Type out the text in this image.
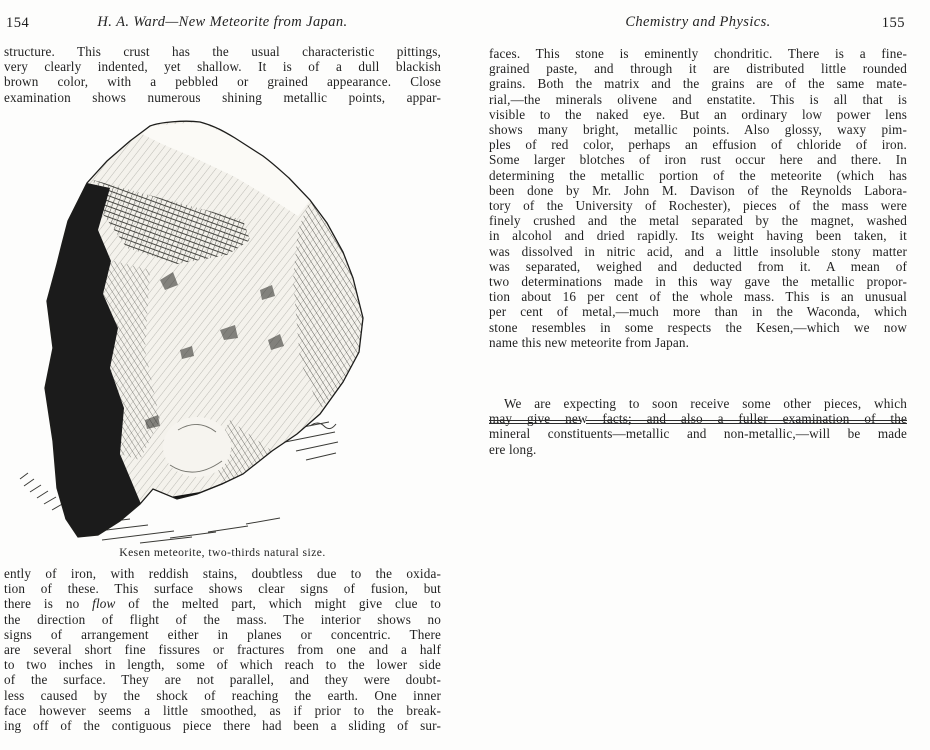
154	H. A. Ward—New Meteorite from Japan.
structure. This crust has the usual characteristic pittings,
very clearly indented, yet shallow. It is of a dull blackish
brown color, with a pebbled or grained appearance. Close
examination shows numerous shining metallic points, appar-
Kesen meteorite, two-thirds natural size.
ently of iron, with reddish stains, doubtless due to the oxida-
tion of these. This surface shows clear signs of fusion, but
there is no flow of the melted part, which might give clue to
the direction of flight of the mass. The interior shows no
signs of arrangement either in planes or concentric. There
are several short fine fissures or fractures from one and a half
to two inches in length, some of which reach to the lower side
of the surface. They are not parallel, and they were doubt-
less caused by the shock of reaching the earth. One inner
face however seems a little smoothed, as if prior to the break-
ing off of the contiguous piece there had been a sliding of sur-
Chemistry and Physics.	155
faces. This stone is eminently chondritic. There is a fine-
grained paste, and through it are distributed little rounded
grains. Both the matrix and the grains are of the same mate-
rial,—the minerals olivene and enstatite. This is all that is
visible to the naked eye. But an ordinary low power lens
shows many bright, metallic points. Also glossy, waxy pim-
ples of red color, perhaps an effusion of chloride of iron.
Some larger blotches of iron rust occur here and there. In
determining the metallic portion of the meteorite (which has
been done by Mr. John M. Davison of the Reynolds Labora-
tory of the University of Rochester), pieces of the mass were
finely crushed and the metal separated by the magnet, washed
in alcohol and dried rapidly. Its weight having been taken, it
was dissolved in nitric acid, and a little insoluble stony matter
was separated, weighed and deducted from it. A mean of
two determinations made in this way gave the metallic propor-
tion about 16 per cent of the whole mass. This is an unusual
per cent of metal,—much more than in the Waconda, which
stone resembles in some respects the Kesen,—which we now
name this new meteorite from Japan.
We are expecting to soon receive some other pieces, which
may give new facts; and also a fuller examination of the
mineral constituents—metallic and non-metallic,—will be made
ere long.
